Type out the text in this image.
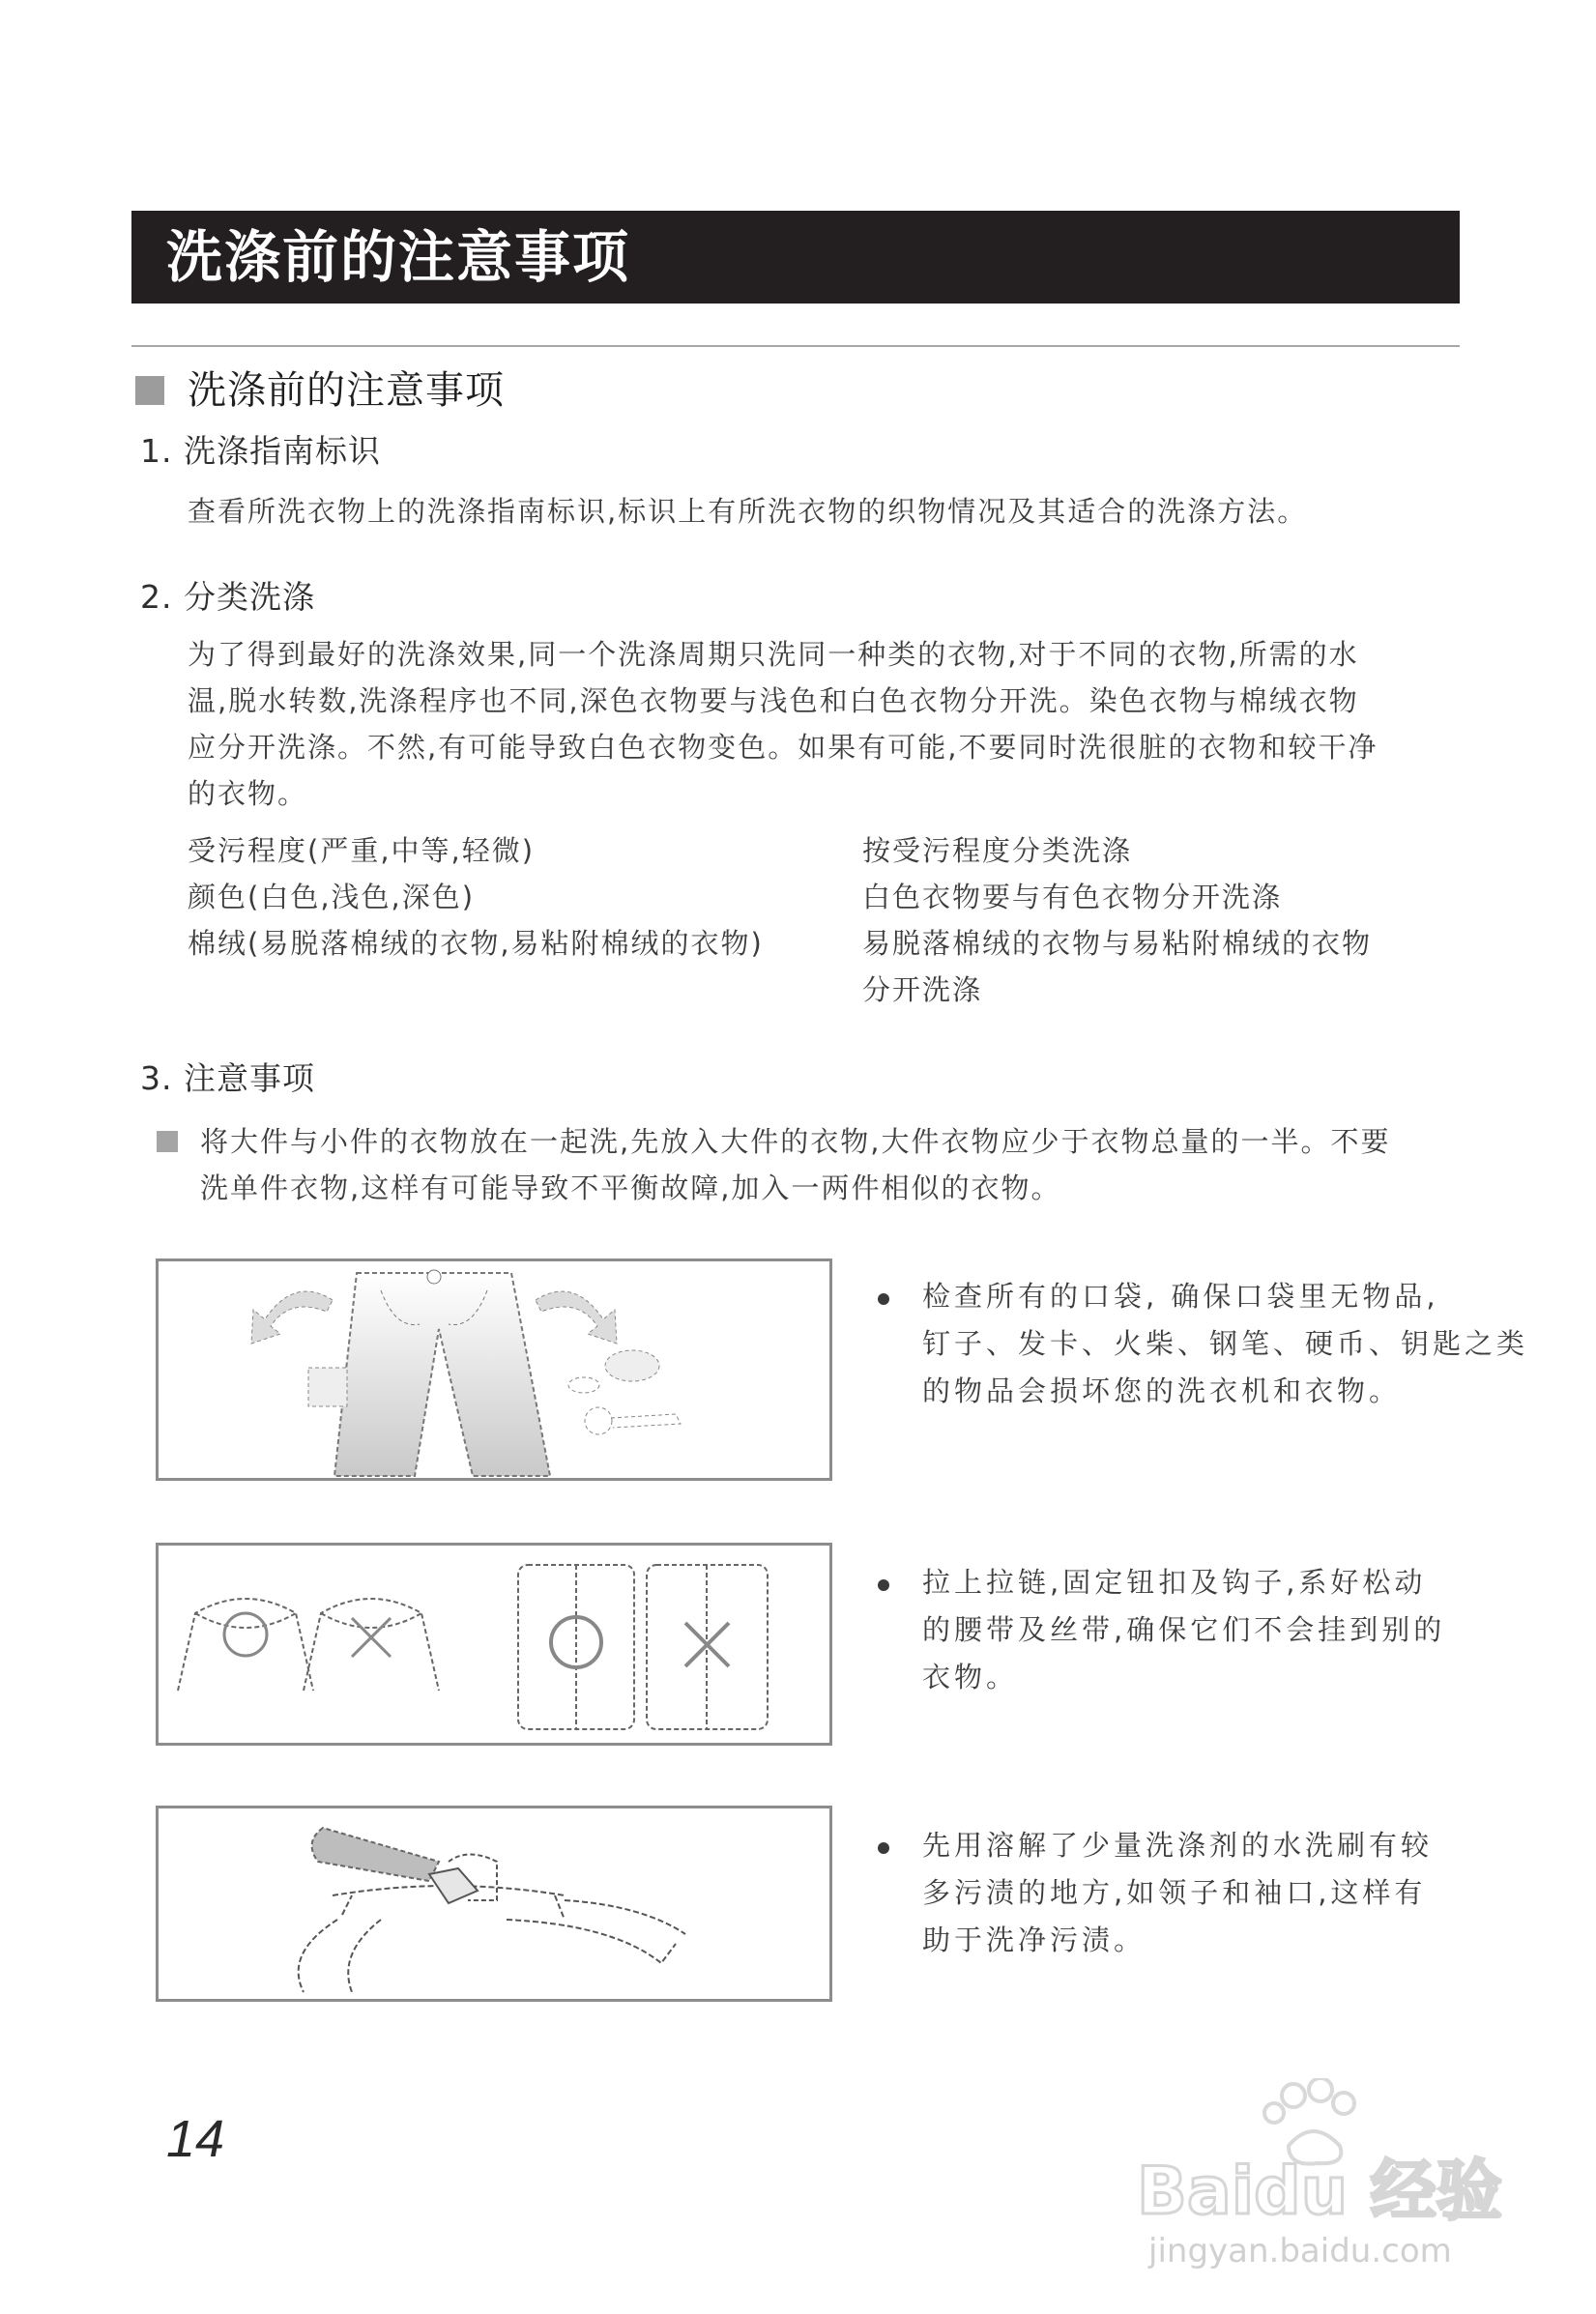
洗涤前的注意事项
洗涤前的注意事项
1. 洗涤指南标识
查看所洗衣物上的洗涤指南标识,标识上有所洗衣物的织物情况及其适合的洗涤方法。
2. 分类洗涤
为了得到最好的洗涤效果,同一个洗涤周期只洗同一种类的衣物,对于不同的衣物,所需的水
温,脱水转数,洗涤程序也不同,深色衣物要与浅色和白色衣物分开洗。染色衣物与棉绒衣物
应分开洗涤。不然,有可能导致白色衣物变色。如果有可能,不要同时洗很脏的衣物和较干净
的衣物。
受污程度(严重,中等,轻微)
颜色(白色,浅色,深色)
棉绒(易脱落棉绒的衣物,易粘附棉绒的衣物)
按受污程度分类洗涤
白色衣物要与有色衣物分开洗涤
易脱落棉绒的衣物与易粘附棉绒的衣物
分开洗涤
3. 注意事项
将大件与小件的衣物放在一起洗,先放入大件的衣物,大件衣物应少于衣物总量的一半。不要
洗单件衣物,这样有可能导致不平衡故障,加入一两件相似的衣物。
检查所有的口袋, 确保口袋里无物品,
钉子、发卡、火柴、钢笔、硬币、钥匙之类
的物品会损坏您的洗衣机和衣物。
拉上拉链,固定钮扣及钩子,系好松动
的腰带及丝带,确保它们不会挂到别的
衣物。
先用溶解了少量洗涤剂的水洗刷有较
多污渍的地方,如领子和袖口,这样有
助于洗净污渍。
14
Baidu 经验
jingyan.baidu.com
